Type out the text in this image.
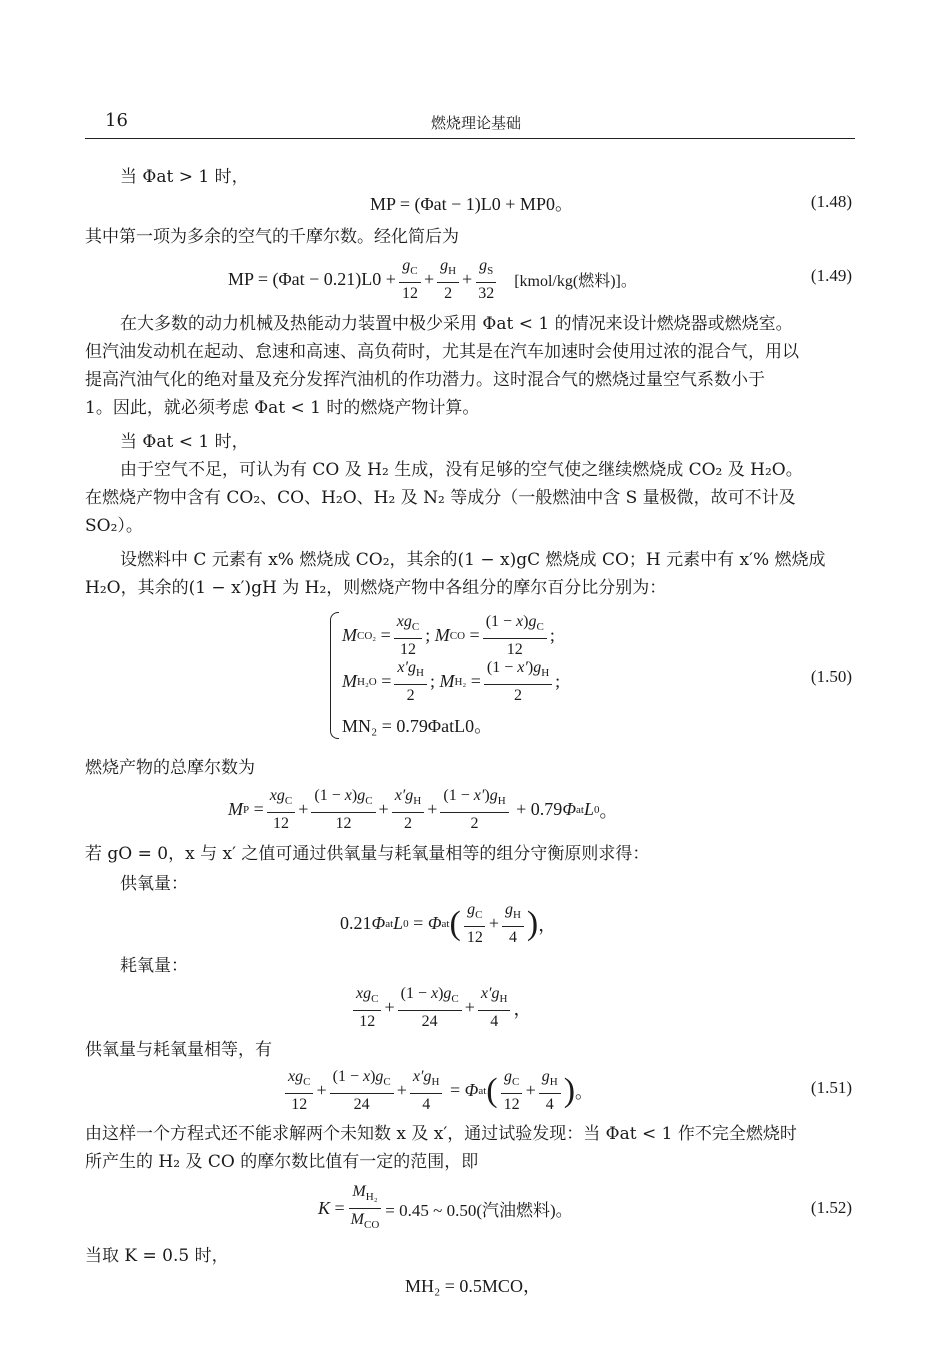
16	燃烧理论基础
当 Φat > 1 时，
MP = (Φat − 1)L0 + MP0。	(1.48)
其中第一项为多余的空气的千摩尔数。经化简后为
MP = $(\Phi at - 0.21)L0 + \frac{g_C}{12} + \frac{g_H}{2} + \frac{g_S}{32}$ [kmol/kg(燃料)]。	(1.49)
在大多数的动力机械及热能动力装置中极少采用 Φat < 1 的情况来设计燃烧器或燃烧室。
但汽油发动机在起动、怠速和高速、高负荷时，尤其是在汽车加速时会使用过浓的混合气，用以
提高汽油气化的绝对量及充分发挥汽油机的作功潜力。这时混合气的燃烧过量空气系数小于
1。因此，就必须考虑 Φat < 1 时的燃烧产物计算。
当 Φat < 1 时，
由于空气不足，可认为有 CO 及 H₂ 生成，没有足够的空气使之继续燃烧成 CO₂ 及 H₂O。
在燃烧产物中含有 CO₂、CO、H₂O、H₂ 及 N₂ 等成分（一般燃油中含 S 量极微，故可不计及
SO₂）。
设燃料中 C 元素有 x% 燃烧成 CO₂，其余的(1 − x)gC 燃烧成 CO；H 元素中有 x′% 燃烧成
H₂O，其余的(1 − x′)gH 为 H₂，则燃烧产物中各组分的摩尔百分比分别为：
M $CO_2 = \frac{xg_C}{12}$ ; M CO = $\frac{(1 - x)g_C}{12}$ ;
M $H_2O = \frac{x'g_H}{2}$ ; M $H_2 = \frac{(1 - x')g_H}{2}$ ;
MN₂ = 0.79ΦatL0。
(1.50)
燃烧产物的总摩尔数为
M $P = \frac{xg_C}{12} + \frac{(1 - x)g_C}{12} + \frac{x'g_H}{2} + \frac{(1 - x')g_H}{2} + 0.79$ Φ at L 0 。
若 gO = 0，x 与 x′ 之值可通过供氧量与耗氧量相等的组分守衡原则求得：
供氧量：
0.21 Φ at L 0 = Φ at ( $\frac{g_C}{12} + \frac{g_H}{4}$ ) ，
耗氧量：
$\frac{xg_C}{12} + \frac{(1 - x)g_C}{24} + \frac{x'g_H}{4}$ ，
供氧量与耗氧量相等，有
$\frac{xg_C}{12} + \frac{(1 - x)g_C}{24} + \frac{x'g_H}{4} = \Phi$ at ( $\frac{g_C}{12} + \frac{g_H}{4}$ ) 。	(1.51)
由这样一个方程式还不能求解两个未知数 x 及 x′，通过试验发现：当 Φat < 1 作不完全燃烧时
所产生的 H₂ 及 CO 的摩尔数比值有一定的范围，即
$K = \frac{M_{H_2}}{M_{CO}} = 0.45$ ~ 0.50(汽油燃料)。	(1.52)
当取 K = 0.5 时，
MH₂ = 0.5MCO，
